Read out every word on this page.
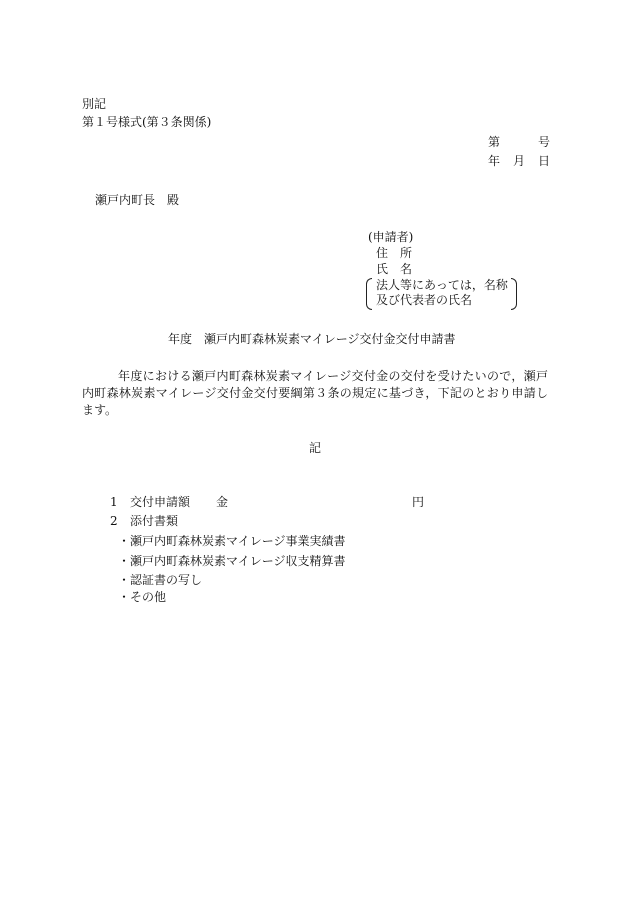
別記
第１号様式(第３条関係)
第	号
年 月 日
瀬戸内町長　殿
(申請者)
住　所
氏　名
法人等にあっては，名称
及び代表者の氏名
年度　瀬戸内町森林炭素マイレージ交付金交付申請書
年度における瀬戸内町森林炭素マイレージ交付金の交付を受けたいので，瀬戸内町森林炭素マイレージ交付金交付要綱第３条の規定に基づき，下記のとおり申請します。
記
1 交付申請額 金	円
2 添付書類
・瀬戸内町森林炭素マイレージ事業実績書
・瀬戸内町森林炭素マイレージ収支精算書
・認証書の写し
・その他
